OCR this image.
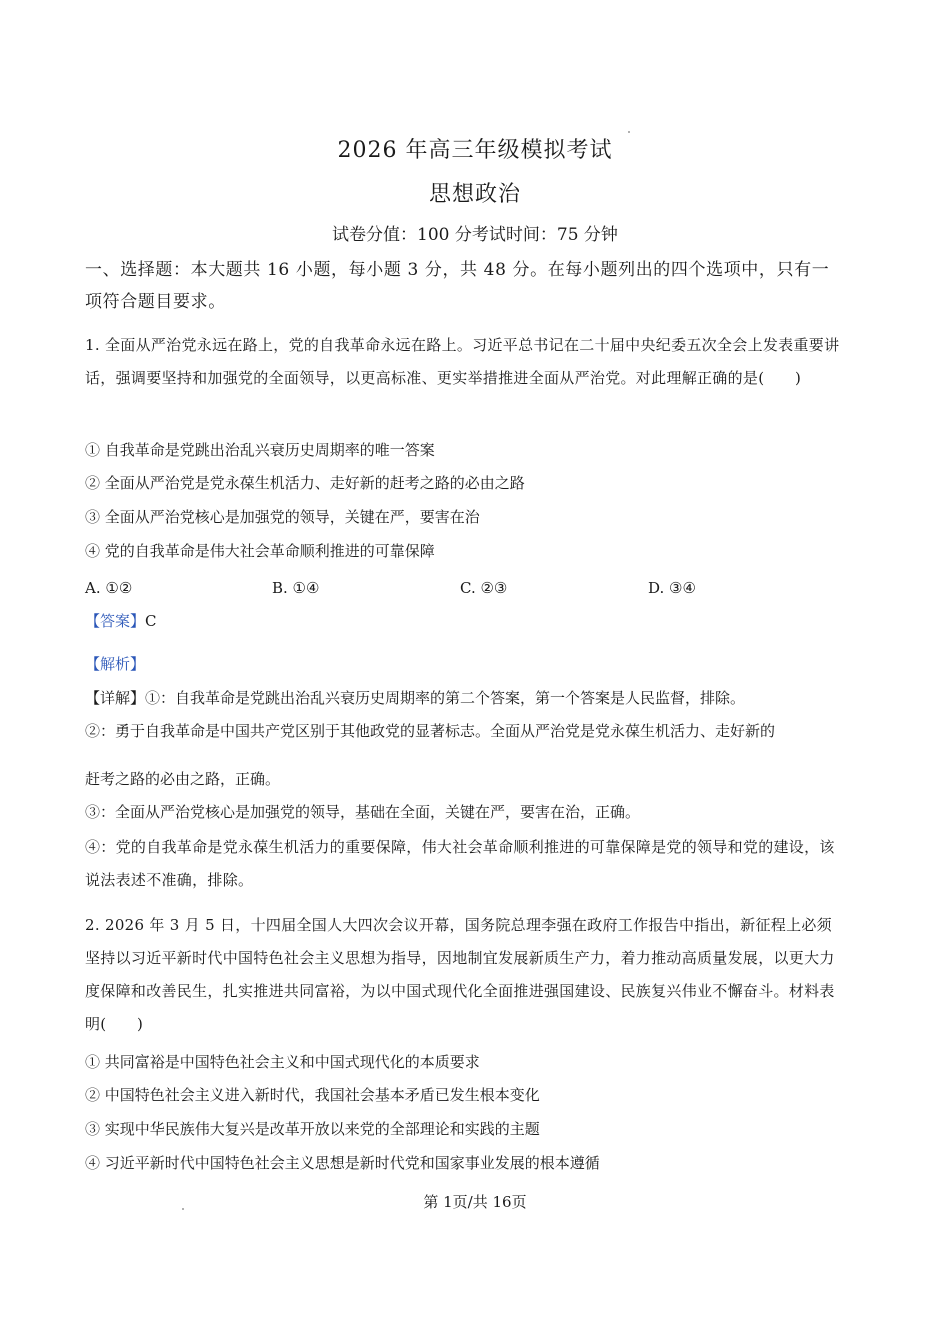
2026 年高三年级模拟考试
思想政治
试卷分值：100 分考试时间：75 分钟
一、选择题：本大题共 16 小题，每小题 3 分，共 48 分。在每小题列出的四个选项中，只有一项符合题目要求。
1. 全面从严治党永远在路上，党的自我革命永远在路上。习近平总书记在二十届中央纪委五次全会上发表重要讲话，强调要坚持和加强党的全面领导，以更高标准、更实举措推进全面从严治党。对此理解正确的是(　　)
① 自我革命是党跳出治乱兴衰历史周期率的唯一答案
② 全面从严治党是党永葆生机活力、走好新的赶考之路的必由之路
③ 全面从严治党核心是加强党的领导，关键在严，要害在治
④ 党的自我革命是伟大社会革命顺利推进的可靠保障
A. ①②	B. ①④	C. ②③	D. ③④
【答案】C
【解析】
【详解】①：自我革命是党跳出治乱兴衰历史周期率的第二个答案，第一个答案是人民监督，排除。
②：勇于自我革命是中国共产党区别于其他政党的显著标志。全面从严治党是党永葆生机活力、走好新的
赶考之路的必由之路，正确。
③：全面从严治党核心是加强党的领导，基础在全面，关键在严，要害在治，正确。
④：党的自我革命是党永葆生机活力的重要保障，伟大社会革命顺利推进的可靠保障是党的领导和党的建设，该说法表述不准确，排除。
2. 2026 年 3 月 5 日，十四届全国人大四次会议开幕，国务院总理李强在政府工作报告中指出，新征程上必须坚持以习近平新时代中国特色社会主义思想为指导，因地制宜发展新质生产力，着力推动高质量发展，以更大力度保障和改善民生，扎实推进共同富裕，为以中国式现代化全面推进强国建设、民族复兴伟业不懈奋斗。材料表明(　　)
① 共同富裕是中国特色社会主义和中国式现代化的本质要求
② 中国特色社会主义进入新时代，我国社会基本矛盾已发生根本变化
③ 实现中华民族伟大复兴是改革开放以来党的全部理论和实践的主题
④ 习近平新时代中国特色社会主义思想是新时代党和国家事业发展的根本遵循
第 1页/共 16页
